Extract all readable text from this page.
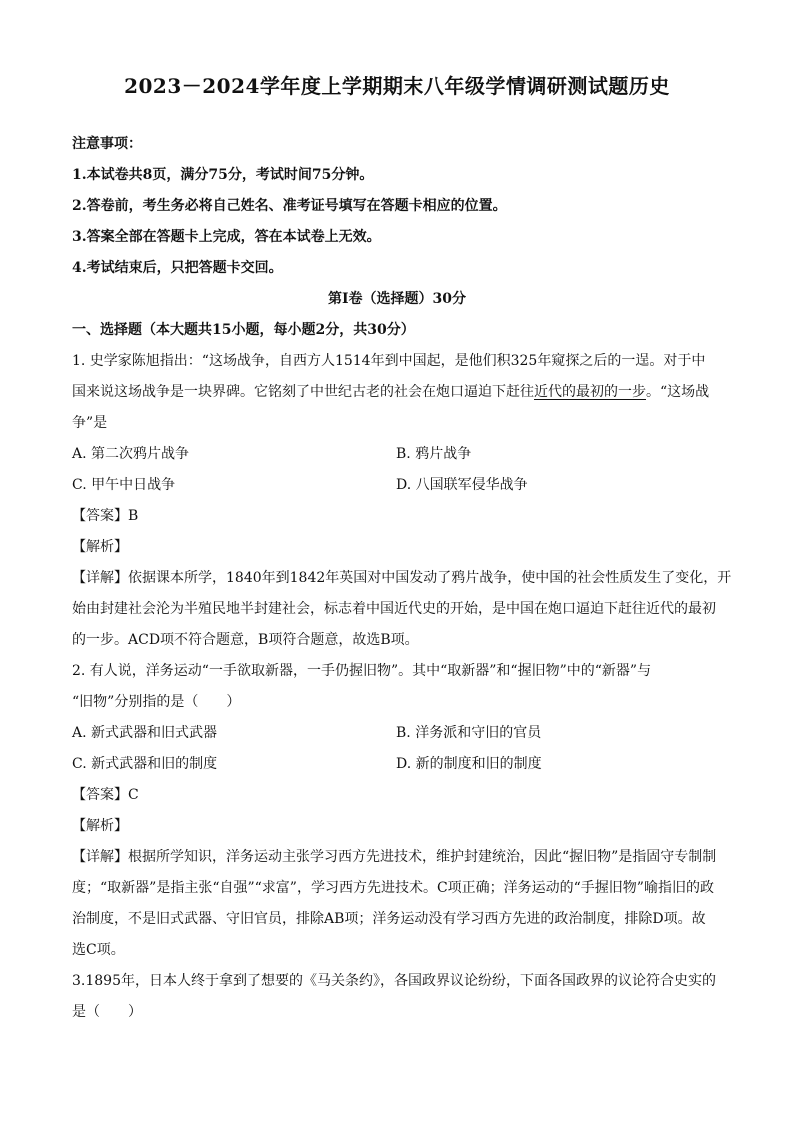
2023－2024学年度上学期期末八年级学情调研测试题历史
注意事项：
1.本试卷共8页，满分75分，考试时间75分钟。
2.答卷前，考生务必将自己姓名、准考证号填写在答题卡相应的位置。
3.答案全部在答题卡上完成，答在本试卷上无效。
4.考试结束后，只把答题卡交回。
第Ⅰ卷（选择题）30分
一、选择题（本大题共15小题，每小题2分，共30分）
1. 史学家陈旭指出：“这场战争，自西方人1514年到中国起，是他们积325年窥探之后的一逞。对于中
国来说这场战争是一块界碑。它铭刻了中世纪古老的社会在炮口逼迫下赶往近代的最初的一步。“这场战
争”是
A. 第二次鸦片战争	B. 鸦片战争
C. 甲午中日战争	D. 八国联军侵华战争
【答案】B
【解析】
【详解】依据课本所学，1840年到1842年英国对中国发动了鸦片战争，使中国的社会性质发生了变化，开
始由封建社会沦为半殖民地半封建社会，标志着中国近代史的开始，是中国在炮口逼迫下赶往近代的最初
的一步。ACD项不符合题意，B项符合题意，故选B项。
2. 有人说，洋务运动“一手欲取新器，一手仍握旧物”。其中“取新器”和“握旧物”中的“新器”与
“旧物”分别指的是（　　）
A. 新式武器和旧式武器	B. 洋务派和守旧的官员
C. 新式武器和旧的制度	D. 新的制度和旧的制度
【答案】C
【解析】
【详解】根据所学知识，洋务运动主张学习西方先进技术，维护封建统治，因此“握旧物”是指固守专制制
度；“取新器”是指主张“自强”“求富”，学习西方先进技术。C项正确；洋务运动的“手握旧物”喻指旧的政
治制度，不是旧式武器、守旧官员，排除AB项；洋务运动没有学习西方先进的政治制度，排除D项。故
选C项。
3.1895年，日本人终于拿到了想要的《马关条约》，各国政界议论纷纷，下面各国政界的议论符合史实的
是（　　）
